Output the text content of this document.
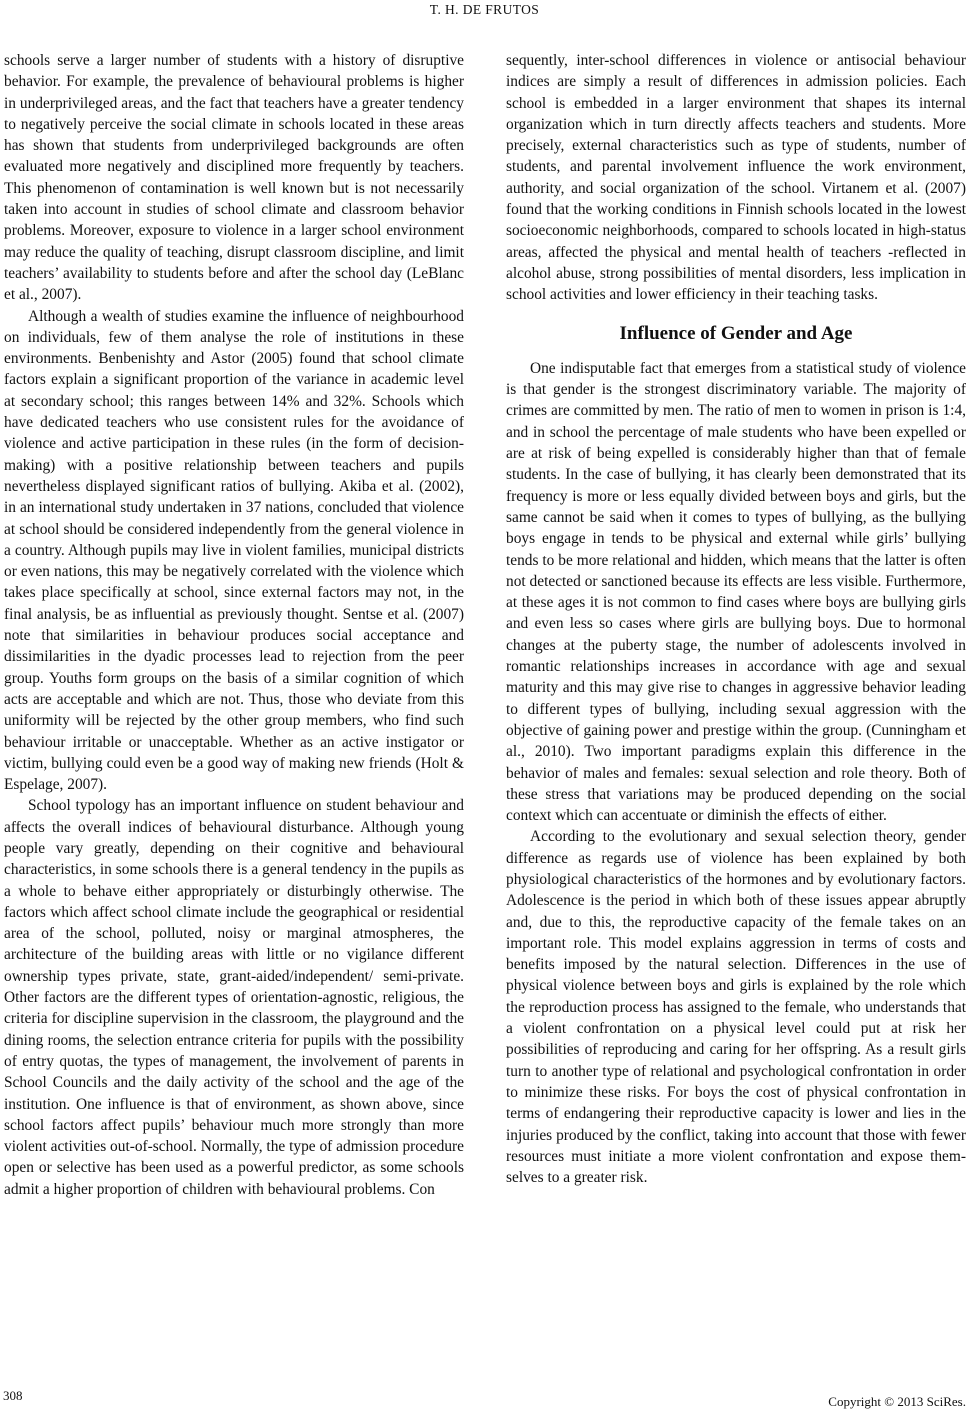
T. H. DE FRUTOS

schools serve a larger number of students with a history of disruptive behavior. For example, the prevalence of behavioural problems is higher in underprivileged areas, and the fact that teachers have a greater tendency to negatively perceive the social climate in schools located in these areas has shown that students from underprivileged backgrounds are often evaluated more negatively and disciplined more frequently by teachers. This phenomenon of contamination is well known but is not necessarily taken into account in studies of school climate and classroom behavior problems. Moreover, exposure to violence in a larger school environment may reduce the quality of teaching, disrupt classroom discipline, and limit teachers’ availability to students before and after the school day (LeBlanc et al., 2007).

Although a wealth of studies examine the influence of neighbourhood on individuals, few of them analyse the role of institutions in these environments. Benbenishty and Astor (2005) found that school climate factors explain a significant proportion of the variance in academic level at secondary school; this ranges between 14% and 32%. Schools which have dedicated teachers who use consistent rules for the avoidance of violence and active participation in these rules (in the form of decision-making) with a positive relationship between teachers and pupils nevertheless displayed significant ratios of bullying. Akiba et al. (2002), in an international study undertaken in 37 nations, concluded that violence at school should be considered independently from the general violence in a country. Although pupils may live in violent families, municipal districts or even nations, this may be negatively correlated with the violence which takes place specifically at school, since external factors may not, in the final analysis, be as influential as previously thought. Sentse et al. (2007) note that similarities in behaviour produces social acceptance and dissimilarities in the dyadic processes lead to rejection from the peer group. Youths form groups on the basis of a similar cognition of which acts are acceptable and which are not. Thus, those who deviate from this uniformity will be rejected by the other group members, who find such behaviour irritable or unacceptable. Whether as an active instigator or victim, bullying could even be a good way of making new friends (Holt & Espelage, 2007).

School typology has an important influence on student behaviour and affects the overall indices of behavioural disturbance. Although young people vary greatly, depending on their cognitive and behavioural characteristics, in some schools there is a general tendency in the pupils as a whole to behave either appropriately or disturbingly otherwise. The factors which affect school climate include the geographical or residential area of the school, polluted, noisy or marginal atmospheres, the architecture of the building areas with little or no vigilance different ownership types private, state, grant-aided/independent/ semi-private. Other factors are the different types of orientation-agnostic, religious, the criteria for discipline supervision in the classroom, the playground and the dining rooms, the selection entrance criteria for pupils with the possibility of entry quotas, the types of management, the involvement of parents in School Councils and the daily activity of the school and the age of the institution. One influence is that of environment, as shown above, since school factors affect pupils’ behaviour much more strongly than more violent activities out-of-school. Normally, the type of admission procedure open or selective has been used as a powerful predictor, as some schools admit a higher proportion of children with behavioural problems. Con

sequently, inter-school differences in violence or antisocial behaviour indices are simply a result of differences in admission policies. Each school is embedded in a larger environment that shapes its internal organization which in turn directly affects teachers and students. More precisely, external characteristics such as type of students, number of students, and parental involvement influence the work environment, authority, and social organization of the school. Virtanem et al. (2007) found that the working conditions in Finnish schools located in the lowest socioeconomic neighborhoods, compared to schools located in high-status areas, affected the physical and mental health of teachers -reflected in alcohol abuse, strong possibilities of mental disorders, less implication in school activities and lower efficiency in their teaching tasks.

Influence of Gender and Age

One indisputable fact that emerges from a statistical study of violence is that gender is the strongest discriminatory variable. The majority of crimes are committed by men. The ratio of men to women in prison is 1:4, and in school the percentage of male students who have been expelled or are at risk of being expelled is considerably higher than that of female students. In the case of bullying, it has clearly been demonstrated that its frequency is more or less equally divided between boys and girls, but the same cannot be said when it comes to types of bullying, as the bullying boys engage in tends to be physical and external while girls’ bullying tends to be more relational and hidden, which means that the latter is often not detected or sanctioned because its effects are less visible. Furthermore, at these ages it is not common to find cases where boys are bullying girls and even less so cases where girls are bullying boys. Due to hormonal changes at the puberty stage, the number of adolescents involved in romantic relationships increases in accordance with age and sexual maturity and this may give rise to changes in aggressive behavior leading to different types of bullying, including sexual aggression with the objective of gaining power and prestige within the group. (Cunningham et al., 2010). Two important paradigms explain this difference in the behavior of males and females: sexual selection and role theory. Both of these stress that variations may be produced depending on the social context which can accentuate or diminish the effects of either.

According to the evolutionary and sexual selection theory, gender difference as regards use of violence has been explained by both physiological characteristics of the hormones and by evolutionary factors. Adolescence is the period in which both of these issues appear abruptly and, due to this, the reproductive capacity of the female takes on an important role. This model explains aggression in terms of costs and benefits imposed by the natural selection. Differences in the use of physical violence between boys and girls is explained by the role which the reproduction process has assigned to the female, who understands that a violent confrontation on a physical level could put at risk her possibilities of reproducing and caring for her offspring. As a result girls turn to another type of relational and psychological confrontation in order to minimize these risks. For boys the cost of physical confrontation in terms of endangering their reproductive capacity is lower and lies in the injuries produced by the conflict, taking into account that those with fewer resources must initiate a more violent confrontation and expose themselves to a greater risk.

308	Copyright © 2013 SciRes.
